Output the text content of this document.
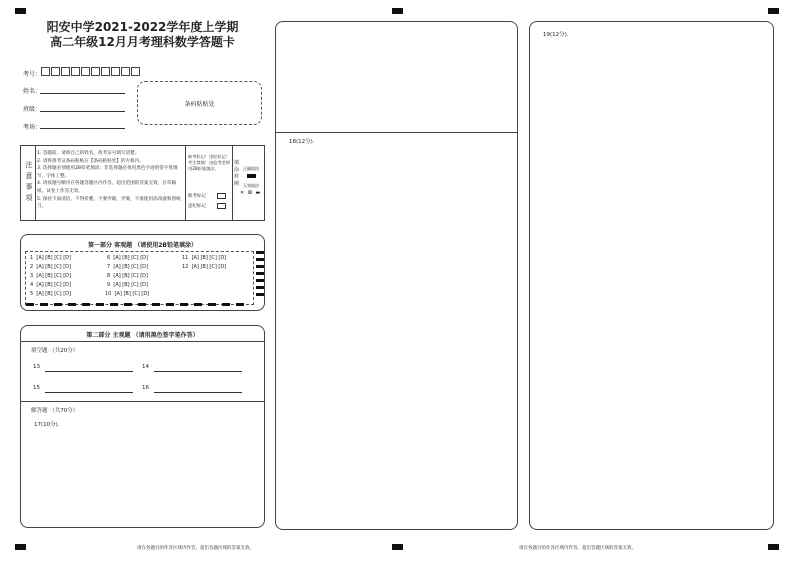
阳安中学2021-2022学年度上学期
高二年级12月月考理科数学答题卡
考号：
姓名：
班级：
考场：
条码粘贴处
注意事项
1. 答题前，请将自己的姓名、准考证号填写清楚。
2. 请将准考证条码粘贴在【条码粘贴处】的方框内。
3. 选择题必须使用2B铅笔填涂；非选择题必须用黑色字迹的签字笔填写，字体工整。
4. 请按题号顺序在各题答题区内作答，超出范围的答案无效，在草稿纸、试卷上作答无效。
5. 保持卡面清洁，不得折叠、不要弄破、弄皱，不准使用涂改液和刮纸刀。
缺考标记！违纪标记！考生禁填！由监考老师用2B铅笔填涂。
缺考标记
违纪标记
填涂样例
正确填涂
无效填涂
✕ ⊠ ▬
第一部分 客观题 （请使用2B铅笔填涂）
1 [A] [B] [C] [D]
2 [A] [B] [C] [D]
3 [A] [B] [C] [D]
4 [A] [B] [C] [D]
5 [A] [B] [C] [D]
6 [A] [B] [C] [D]
7 [A] [B] [C] [D]
8 [A] [B] [C] [D]
9 [A] [B] [C] [D]
10 [A] [B] [C] [D]
11 [A] [B] [C] [D]
12 [A] [B] [C] [D]
第二部分 主观题 （请用黑色签字笔作答）
填空题 （共20分）
13	14
15	16
解答题 （共70分）
17(10分).
18(12分).
19(12分).
请在各题目的作答区域内作答，超出答题区域的答案无效。	请在各题目的作答区域内作答，超出答题区域的答案无效。
